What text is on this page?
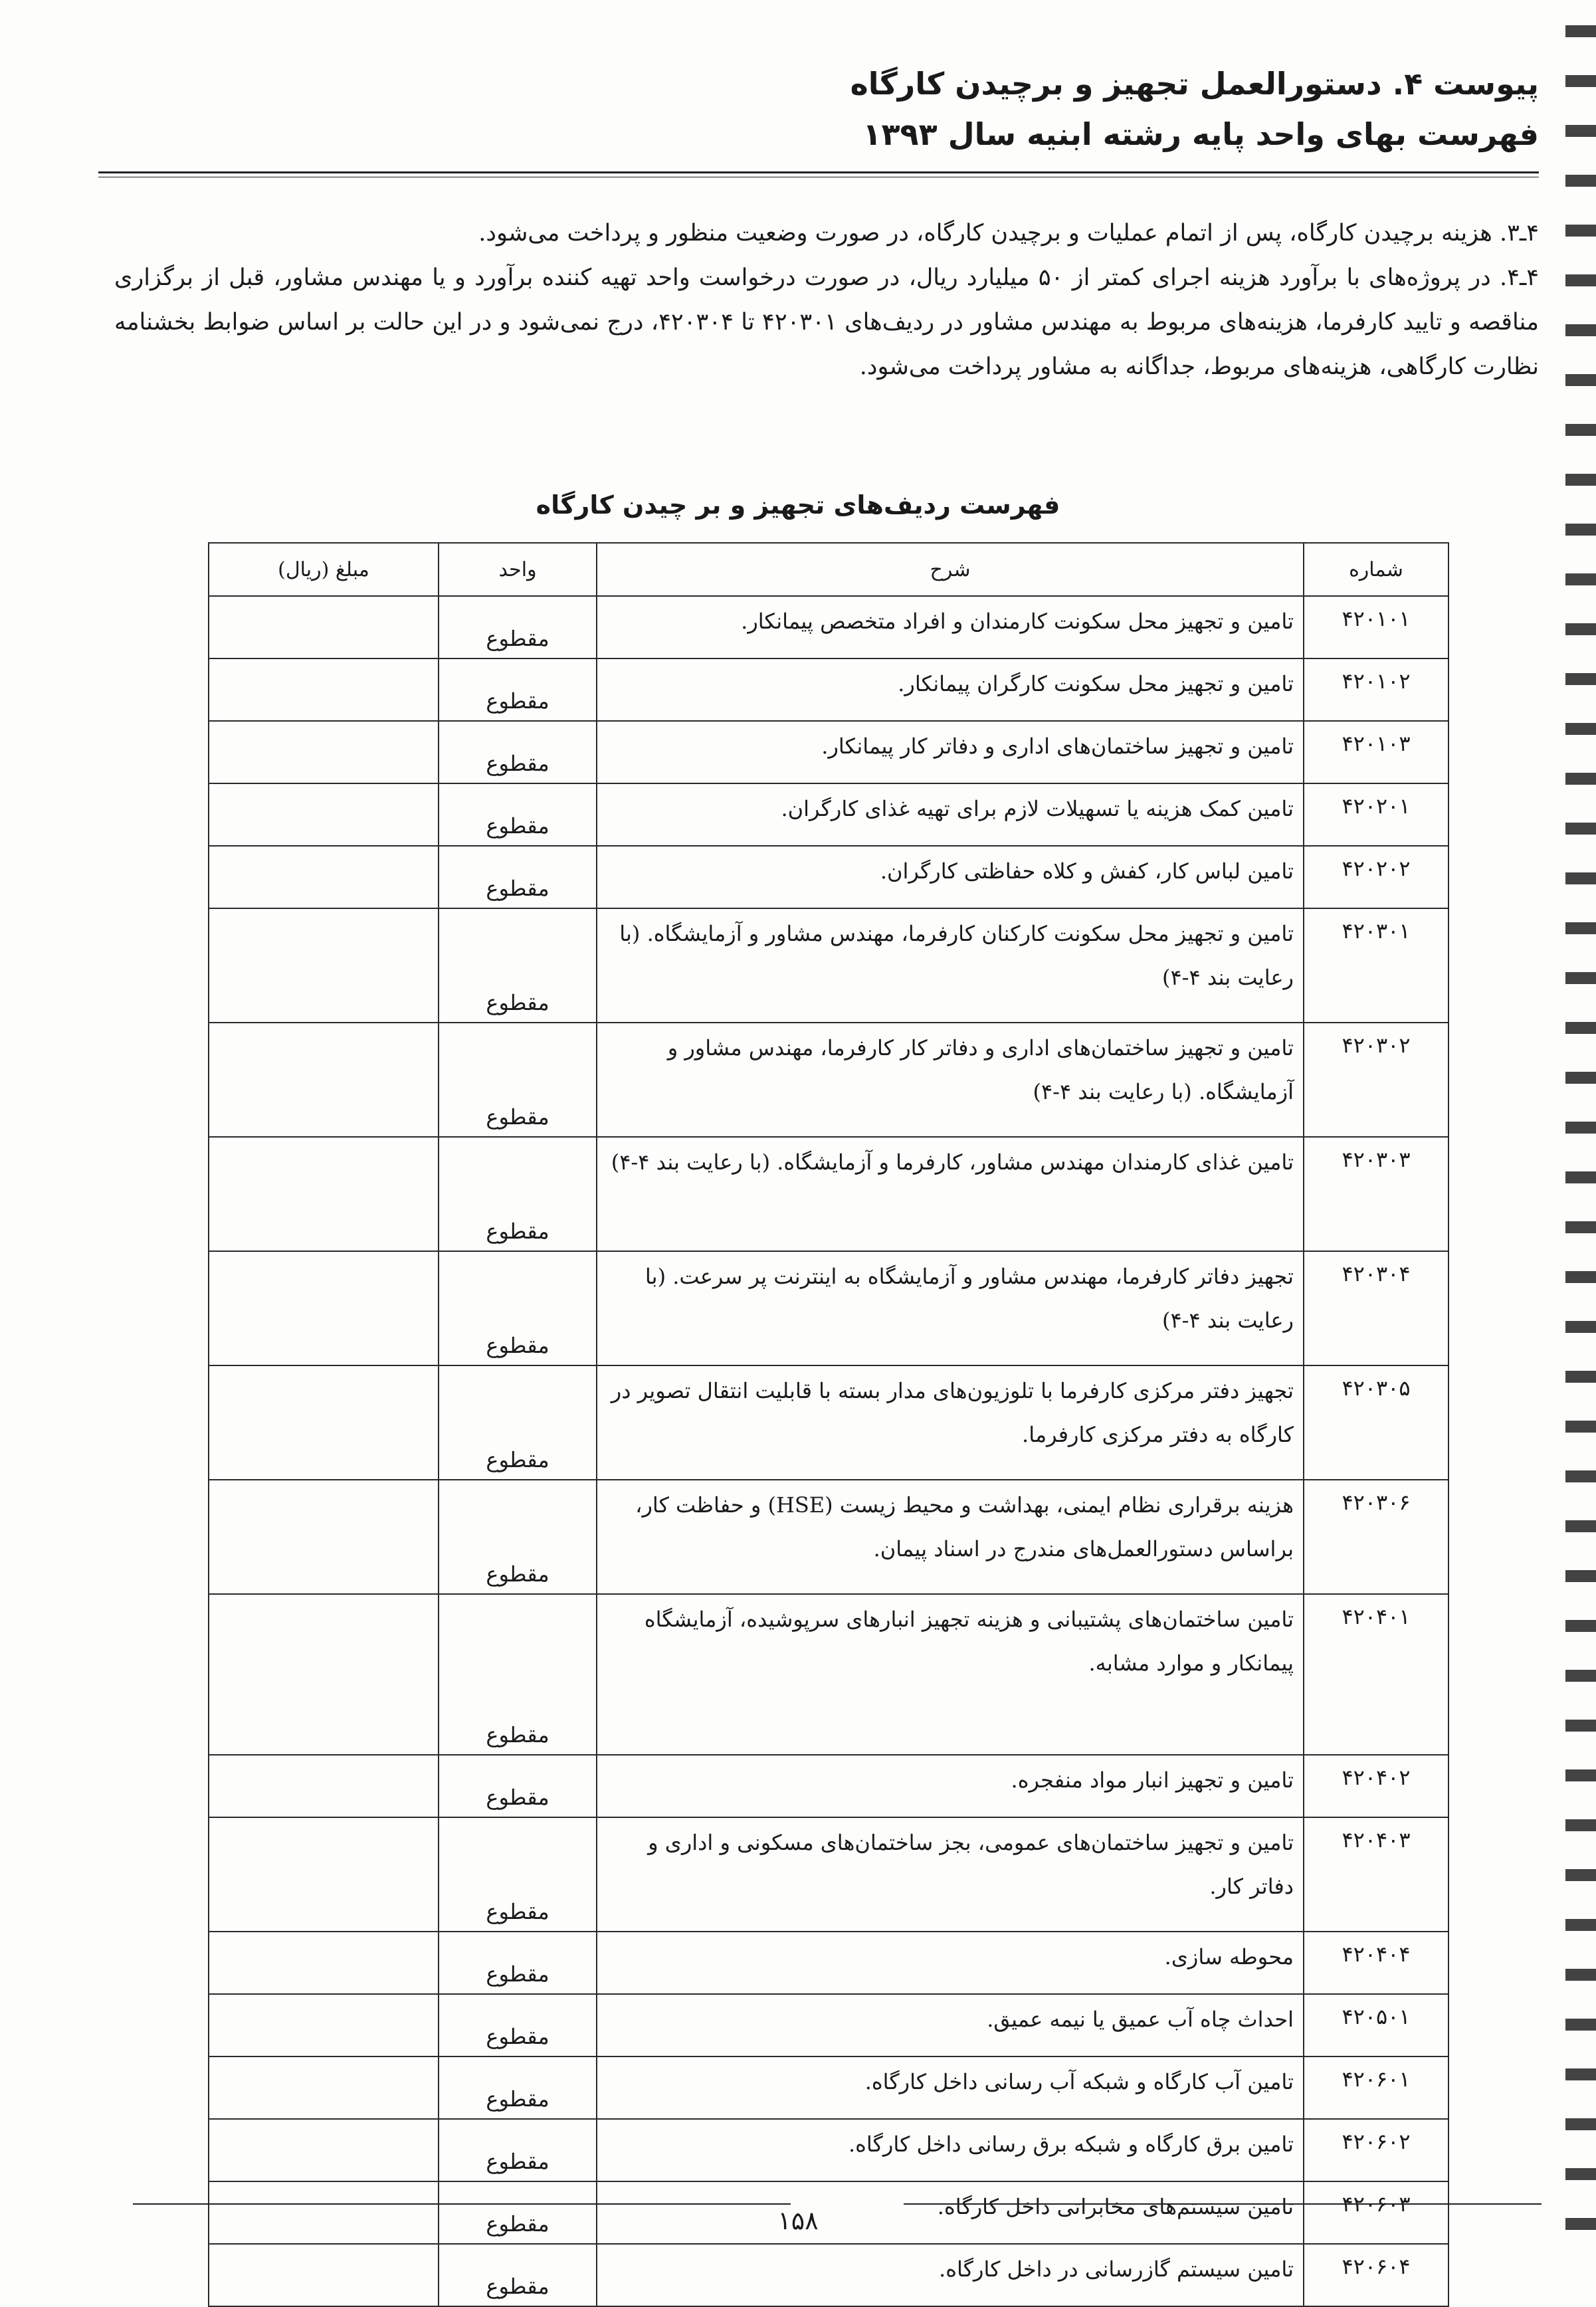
پیوست ۴. دستورالعمل تجهیز و برچیدن کارگاه
فهرست بهای واحد پایه رشته ابنیه سال ۱۳۹۳

۴ـ۳. هزینه برچیدن کارگاه، پس از اتمام عملیات و برچیدن کارگاه، در صورت وضعیت منظور و پرداخت می‌شود.

۴ـ۴. در پروژه‌های با برآورد هزینه اجرای کمتر از ۵۰ میلیارد ریال، در صورت درخواست واحد تهیه کننده برآورد و یا مهندس مشاور، قبل از برگزاری مناقصه و تایید کارفرما، هزینه‌های مربوط به مهندس مشاور در ردیف‌های ۴۲۰۳۰۱ تا ۴۲۰۳۰۴، درج نمی‌شود و در این حالت بر اساس ضوابط بخشنامه نظارت کارگاهی، هزینه‌های مربوط، جداگانه به مشاور پرداخت می‌شود.

فهرست ردیف‌های تجهیز و بر چیدن کارگاه
شماره	شرح	واحد	مبلغ (ریال)
۴۲۰۱۰۱	تامین و تجهیز محل سکونت کارمندان و افراد متخصص پیمانکار.	مقطوع	
۴۲۰۱۰۲	تامین و تجهیز محل سکونت کارگران پیمانکار.	مقطوع	
۴۲۰۱۰۳	تامین و تجهیز ساختمان‌های اداری و دفاتر کار پیمانکار.	مقطوع	
۴۲۰۲۰۱	تامین کمک هزینه یا تسهیلات لازم برای تهیه غذای کارگران.	مقطوع	
۴۲۰۲۰۲	تامین لباس کار، کفش و کلاه حفاظتی کارگران.	مقطوع	
۴۲۰۳۰۱	تامین و تجهیز محل سکونت کارکنان کارفرما، مهندس مشاور و آزمایشگاه. (با رعایت بند ۴-۴)	مقطوع	
۴۲۰۳۰۲	تامین و تجهیز ساختمان‌های اداری و دفاتر کار کارفرما، مهندس مشاور و آزمایشگاه. (با رعایت بند ۴-۴)	مقطوع	
۴۲۰۳۰۳	تامین غذای کارمندان مهندس مشاور، کارفرما و آزمایشگاه. (با رعایت بند ۴-۴)	مقطوع	
۴۲۰۳۰۴	تجهیز دفاتر کارفرما، مهندس مشاور و آزمایشگاه به اینترنت پر سرعت. (با رعایت بند ۴-۴)	مقطوع	
۴۲۰۳۰۵	تجهیز دفتر مرکزی کارفرما با تلوزیون‌های مدار بسته با قابلیت انتقال تصویر در کارگاه به دفتر مرکزی کارفرما.	مقطوع	
۴۲۰۳۰۶	هزینه برقراری نظام ایمنی، بهداشت و محیط زیست (HSE) و حفاظت کار، براساس دستورالعمل‌های مندرج در اسناد پیمان.	مقطوع	
۴۲۰۴۰۱	تامین ساختمان‌های پشتیبانی و هزینه تجهیز انبارهای سرپوشیده، آزمایشگاه پیمانکار و موارد مشابه.	مقطوع	
۴۲۰۴۰۲	تامین و تجهیز انبار مواد منفجره.	مقطوع	
۴۲۰۴۰۳	تامین و تجهیز ساختمان‌های عمومی، بجز ساختمان‌های مسکونی و اداری و دفاتر کار.	مقطوع	
۴۲۰۴۰۴	محوطه سازی.	مقطوع	
۴۲۰۵۰۱	احداث چاه آب عمیق یا نیمه عمیق.	مقطوع	
۴۲۰۶۰۱	تامین آب کارگاه و شبکه آب رسانی داخل کارگاه.	مقطوع	
۴۲۰۶۰۲	تامین برق کارگاه و شبکه برق رسانی داخل کارگاه.	مقطوع	
۴۲۰۶۰۳	تامین سیستم‌های مخابراتی داخل کارگاه.	مقطوع	
۴۲۰۶۰۴	تامین سیستم گازرسانی در داخل کارگاه.	مقطوع	
۱۵۸
